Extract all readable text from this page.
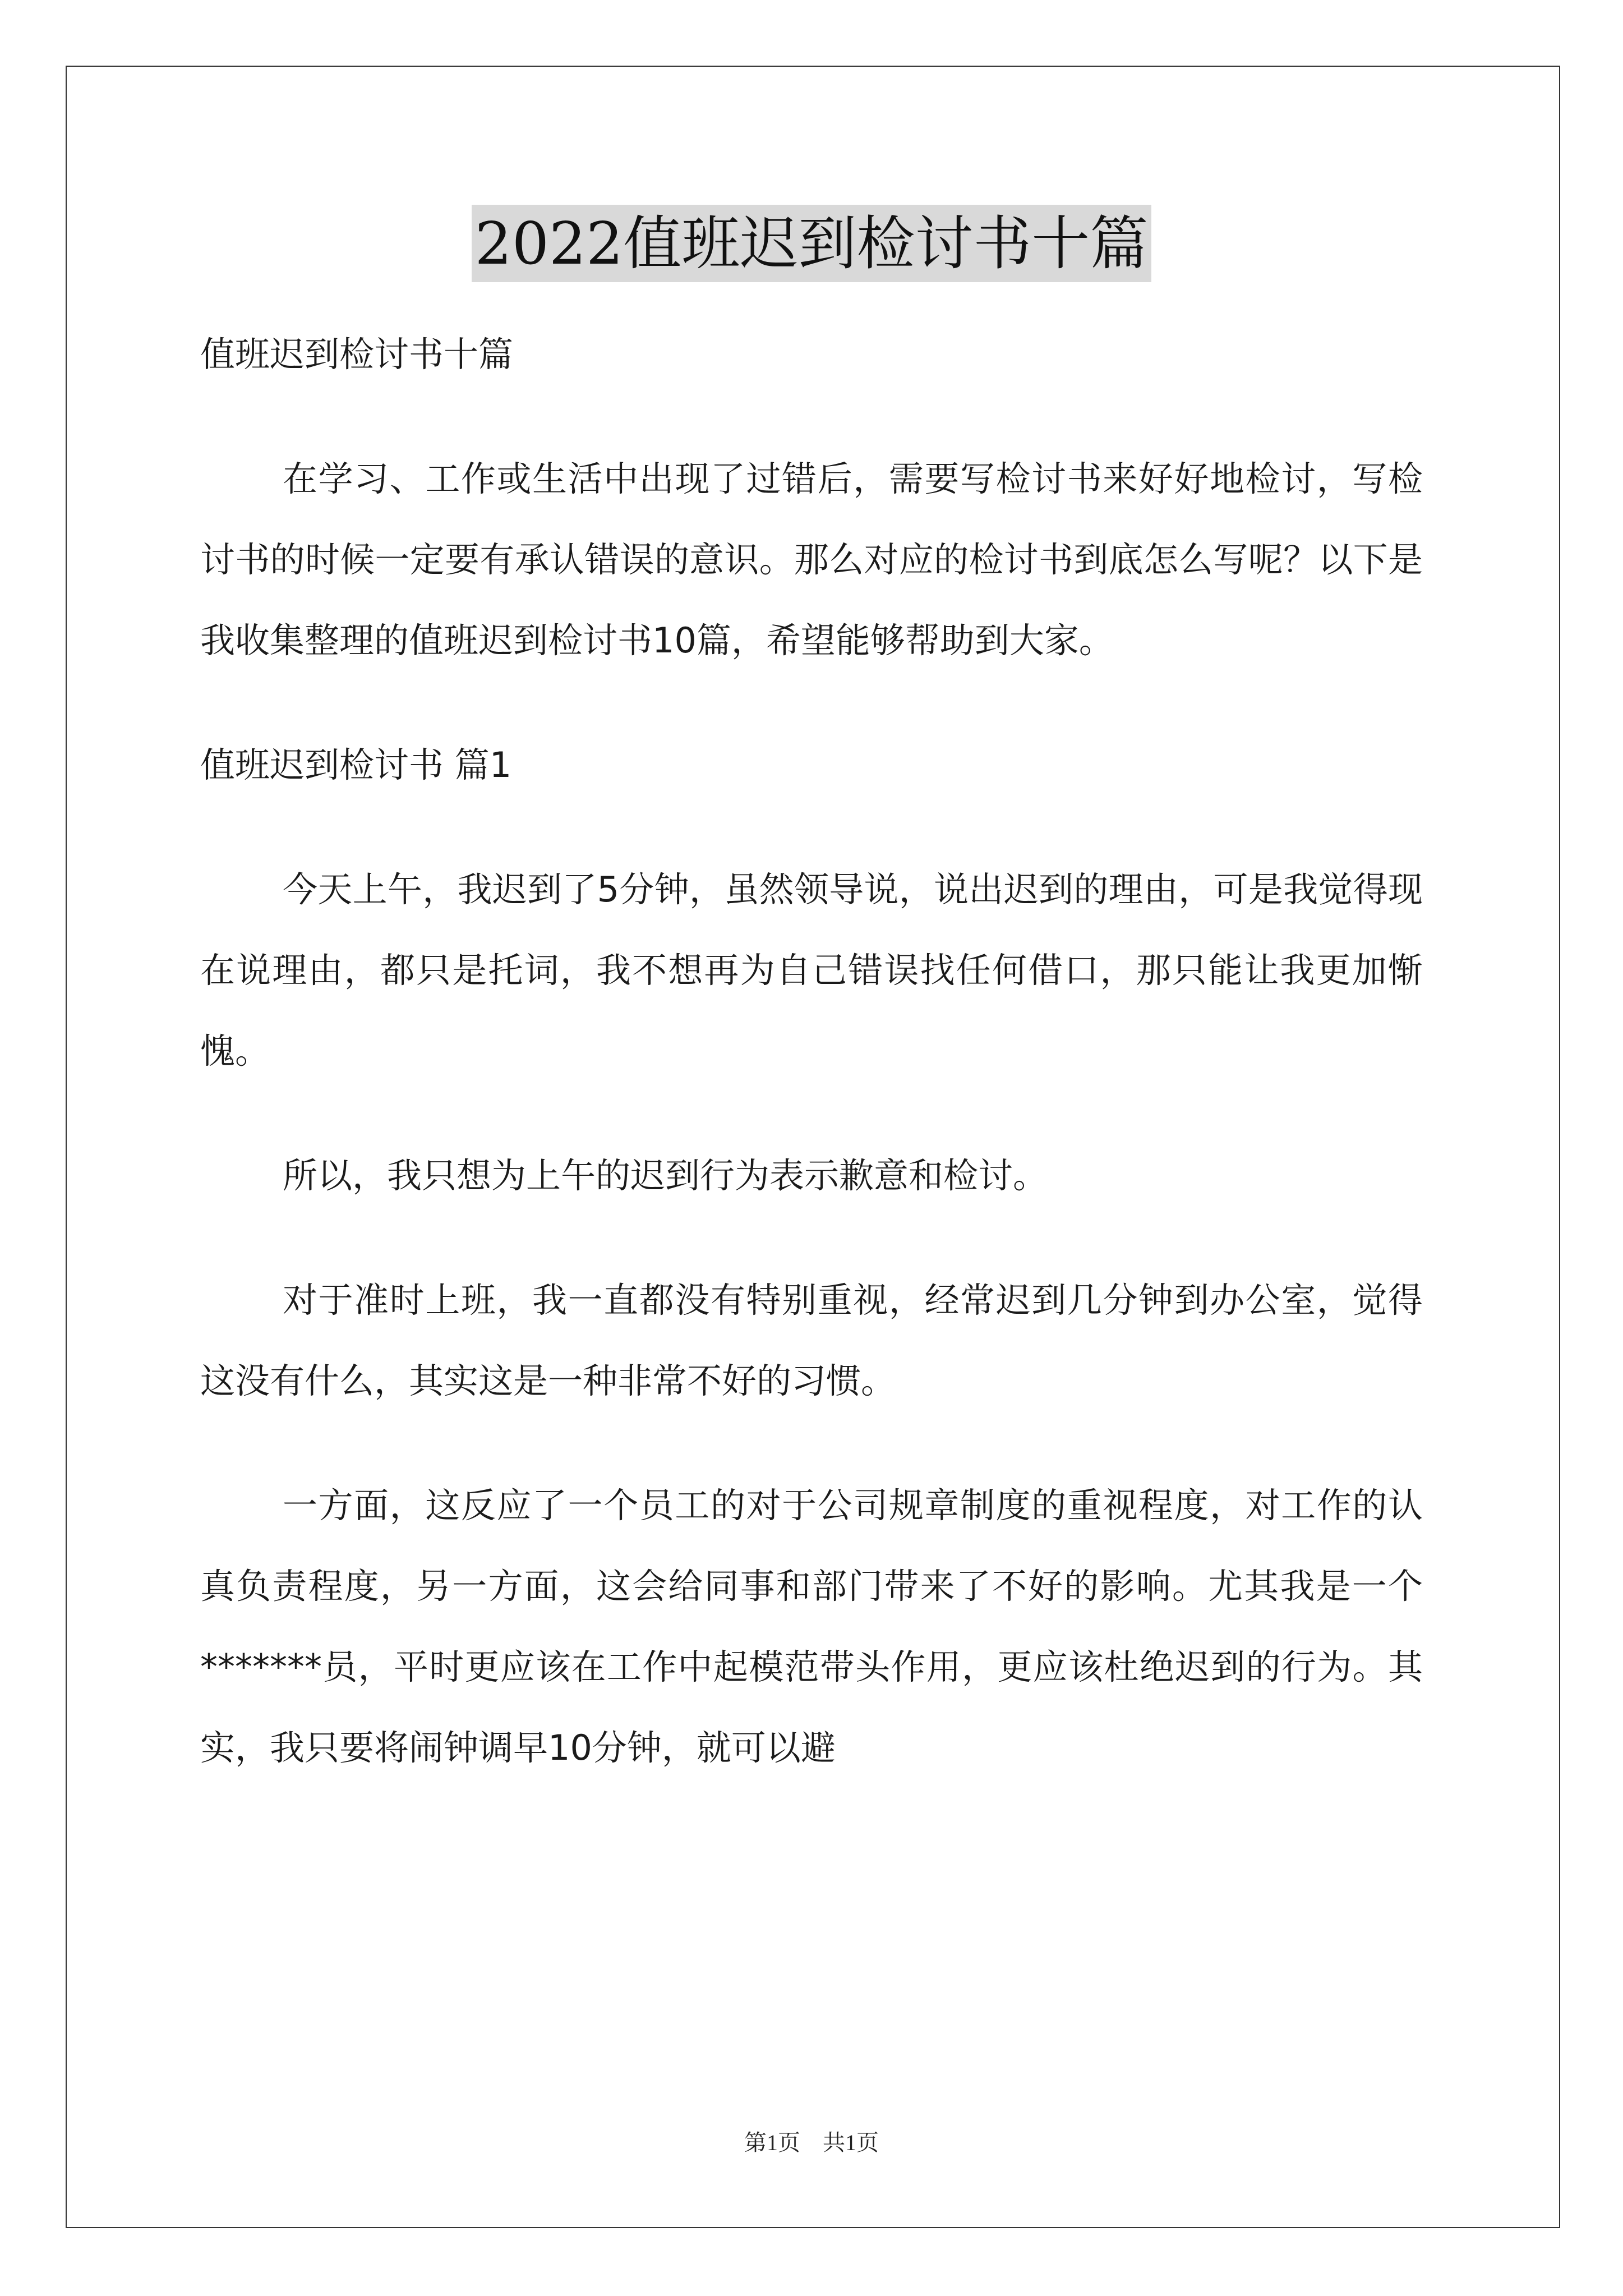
2022值班迟到检讨书十篇

值班迟到检讨书十篇

在学习、工作或生活中出现了过错后，需要写检讨书来好好地检讨，写检讨书的时候一定要有承认错误的意识。那么对应的检讨书到底怎么写呢？以下是我收集整理的值班迟到检讨书10篇，希望能够帮助到大家。

值班迟到检讨书 篇1

今天上午，我迟到了5分钟，虽然领导说，说出迟到的理由，可是我觉得现在说理由，都只是托词，我不想再为自己错误找任何借口，那只能让我更加惭愧。

所以，我只想为上午的迟到行为表示歉意和检讨。

对于准时上班，我一直都没有特别重视，经常迟到几分钟到办公室，觉得这没有什么，其实这是一种非常不好的习惯。

一方面，这反应了一个员工的对于公司规章制度的重视程度，对工作的认真负责程度，另一方面，这会给同事和部门带来了不好的影响。尤其我是一个*******员，平时更应该在工作中起模范带头作用，更应该杜绝迟到的行为。其实，我只要将闹钟调早10分钟，就可以避

第1页　共1页
